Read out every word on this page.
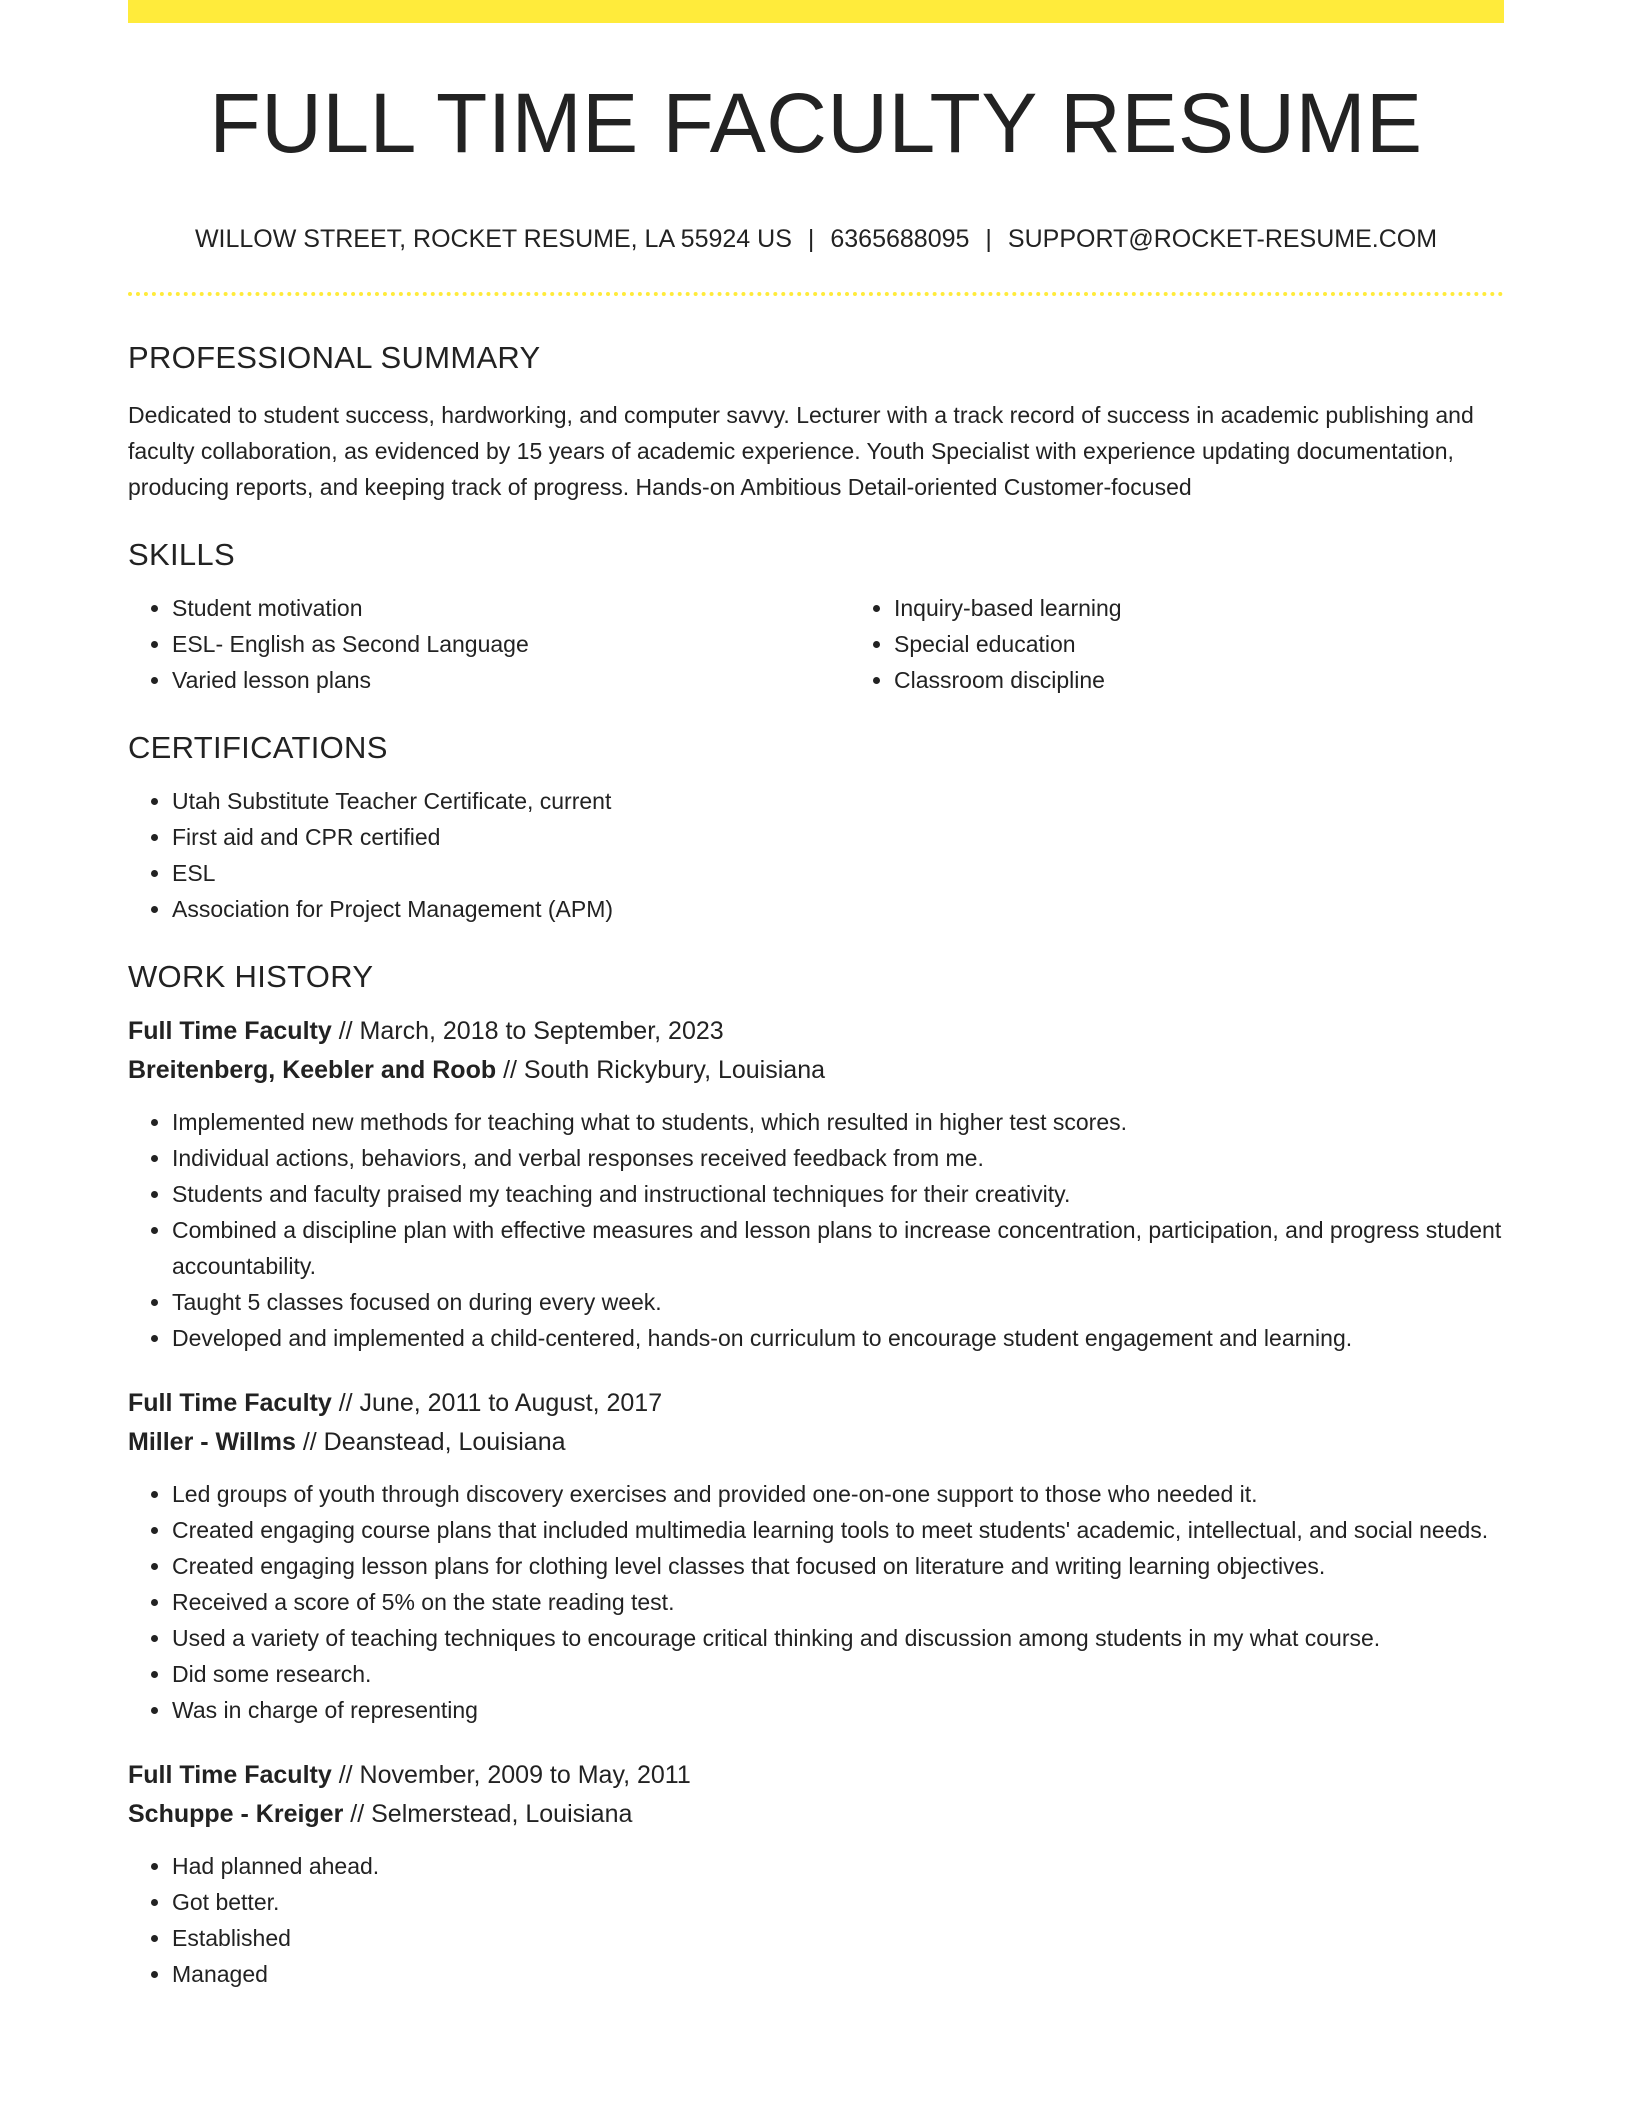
FULL TIME FACULTY RESUME
WILLOW STREET, ROCKET RESUME, LA 55924 US | 6365688095 | SUPPORT@ROCKET-RESUME.COM
PROFESSIONAL SUMMARY

Dedicated to student success, hardworking, and computer savvy. Lecturer with a track record of success in academic publishing and faculty collaboration, as evidenced by 15 years of academic experience. Youth Specialist with experience updating documentation, producing reports, and keeping track of progress. Hands-on Ambitious Detail-oriented Customer-focused

SKILLS
• Student motivation
• ESL- English as Second Language
• Varied lesson plans
• Inquiry-based learning
• Special education
• Classroom discipline
CERTIFICATIONS
• Utah Substitute Teacher Certificate, current
• First aid and CPR certified
• ESL
• Association for Project Management (APM)
WORK HISTORY
Full Time Faculty // March, 2018 to September, 2023
Breitenberg, Keebler and Roob // South Rickybury, Louisiana
• Implemented new methods for teaching what to students, which resulted in higher test scores.
• Individual actions, behaviors, and verbal responses received feedback from me.
• Students and faculty praised my teaching and instructional techniques for their creativity.
• Combined a discipline plan with effective measures and lesson plans to increase concentration, participation, and progress student accountability.
• Taught 5 classes focused on during every week.
• Developed and implemented a child-centered, hands-on curriculum to encourage student engagement and learning.
Full Time Faculty // June, 2011 to August, 2017
Miller - Willms // Deanstead, Louisiana
• Led groups of youth through discovery exercises and provided one-on-one support to those who needed it.
• Created engaging course plans that included multimedia learning tools to meet students' academic, intellectual, and social needs.
• Created engaging lesson plans for clothing level classes that focused on literature and writing learning objectives.
• Received a score of 5% on the state reading test.
• Used a variety of teaching techniques to encourage critical thinking and discussion among students in my what course.
• Did some research.
• Was in charge of representing
Full Time Faculty // November, 2009 to May, 2011
Schuppe - Kreiger // Selmerstead, Louisiana
• Had planned ahead.
• Got better.
• Established
• Managed
